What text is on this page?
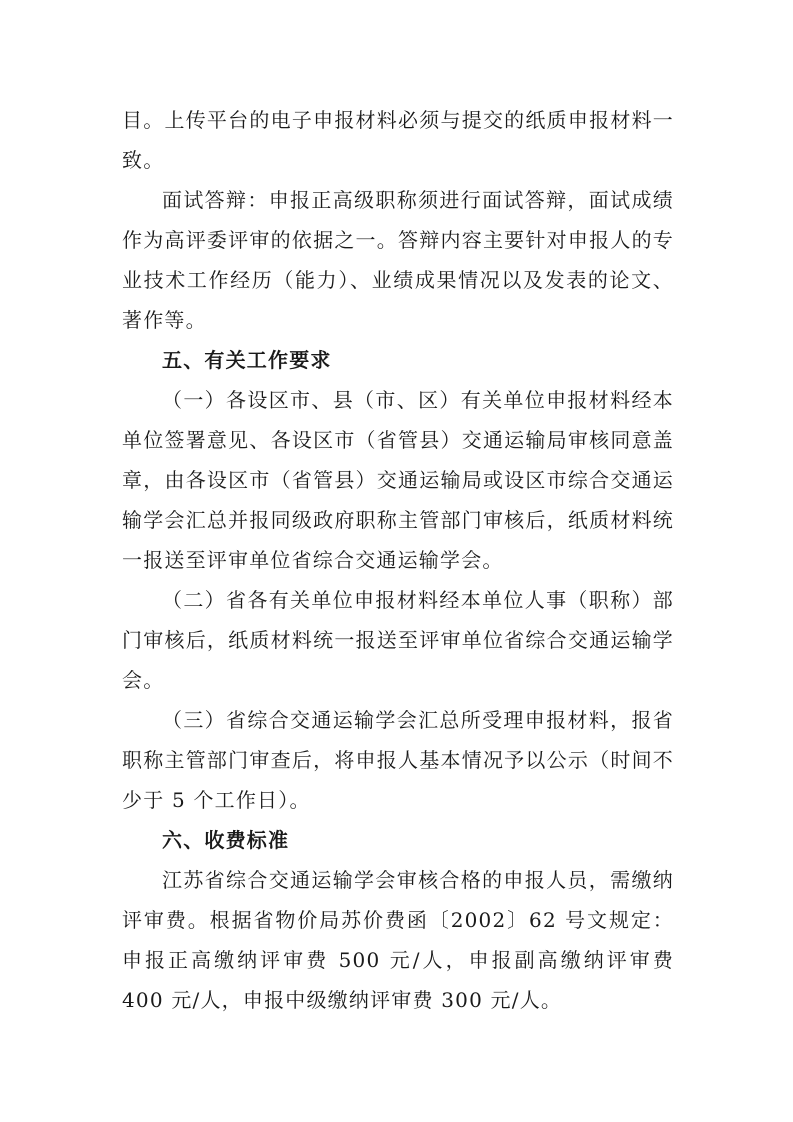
目。上传平台的电子申报材料必须与提交的纸质申报材料一致。

面试答辩：申报正高级职称须进行面试答辩，面试成绩作为高评委评审的依据之一。答辩内容主要针对申报人的专业技术工作经历（能力）、业绩成果情况以及发表的论文、著作等。

五、有关工作要求

（一）各设区市、县（市、区）有关单位申报材料经本单位签署意见、各设区市（省管县）交通运输局审核同意盖章，由各设区市（省管县）交通运输局或设区市综合交通运输学会汇总并报同级政府职称主管部门审核后，纸质材料统一报送至评审单位省综合交通运输学会。

（二）省各有关单位申报材料经本单位人事（职称）部门审核后，纸质材料统一报送至评审单位省综合交通运输学会。

（三）省综合交通运输学会汇总所受理申报材料，报省职称主管部门审查后，将申报人基本情况予以公示（时间不少于 5 个工作日）。

六、收费标准

江苏省综合交通运输学会审核合格的申报人员，需缴纳评审费。根据省物价局苏价费函〔2002〕62 号文规定：申报正高缴纳评审费 500 元/人，申报副高缴纳评审费 400 元/人，申报中级缴纳评审费 300 元/人。
